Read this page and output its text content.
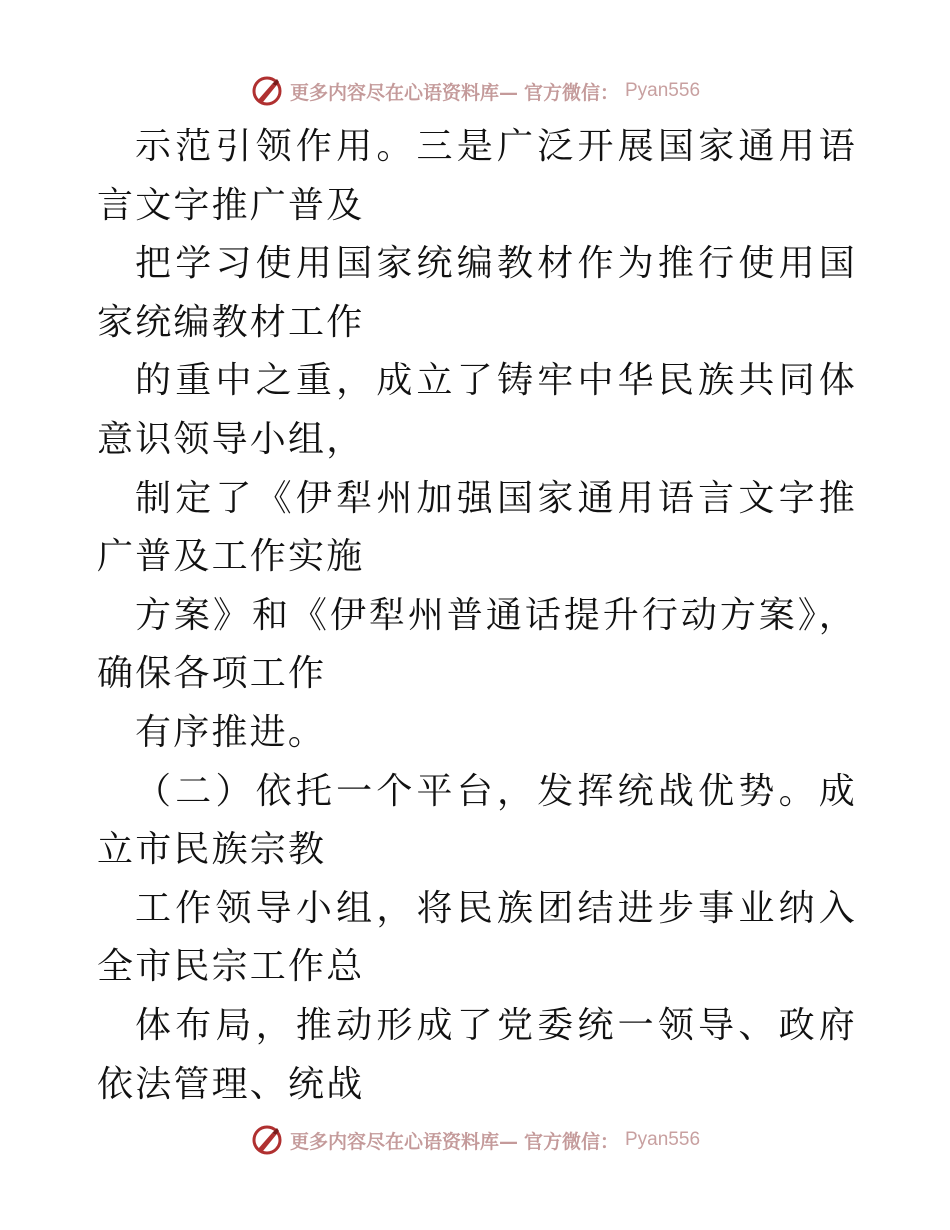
更多内容尽在心语资料库— 官方微信： Pyan556

示范引领作用。三是广泛开展国家通用语言文字推广普及

把学习使用国家统编教材作为推行使用国家统编教材工作

的重中之重，成立了铸牢中华民族共同体意识领导小组，

制定了《伊犁州加强国家通用语言文字推广普及工作实施

方案》和《伊犁州普通话提升行动方案》，确保各项工作

有序推进。

（二）依托一个平台，发挥统战优势。成立市民族宗教

工作领导小组，将民族团结进步事业纳入全市民宗工作总

体布局，推动形成了党委统一领导、政府依法管理、统战

更多内容尽在心语资料库— 官方微信： Pyan556
